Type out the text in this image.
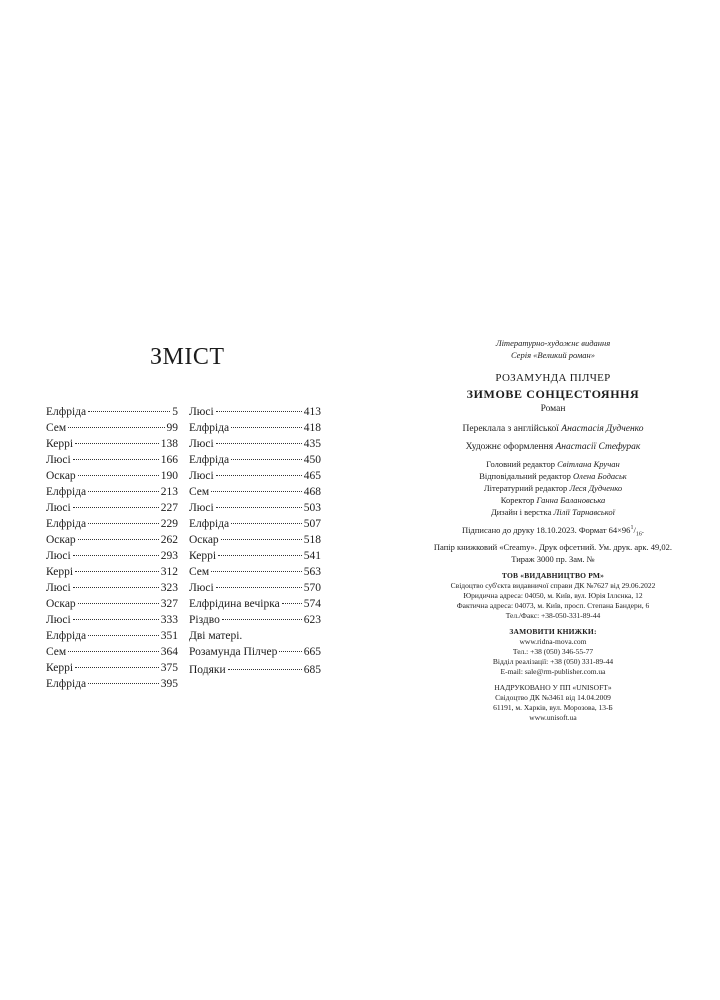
ЗМІСТ
Елфріда	5
Сем	99
Керрі	138
Люсі	166
Оскар	190
Елфріда	213
Люсі	227
Елфріда	229
Оскар	262
Люсі	293
Керрі	312
Люсі	323
Оскар	327
Люсі	333
Елфріда	351
Сем	364
Керрі	375
Елфріда	395
Люсі	413
Елфріда	418
Люсі	435
Елфріда	450
Люсі	465
Сем	468
Люсі	503
Елфріда	507
Оскар	518
Керрі	541
Сем	563
Люсі	570
Елфрідина вечірка 574
Різдво	623
Дві матері.
Розамунда Пілчер 665
Подяки	685
Літературно-художнє видання
Серія «Великий роман»
РОЗАМУНДА ПІЛЧЕР
ЗИМОВЕ СОНЦЕСТОЯННЯ
Роман
Переклала з англійської Анастасія Дудченко
Художнє оформлення Анастасії Стефурак
Головний редактор Світлана Кручан
Відповідальний редактор Олена Бодаськ
Літературний редактор Леся Дудченко
Коректор Ганна Балановська
Дизайн і верстка Лілії Тарнавської
Підписано до друку 18.10.2023. Формат $64\times 96^1/_{16}$.
Папір книжковий «Creamy». Друк офсетний. Ум. друк. арк. 49,02.
Тираж 3000 пр. Зам. №
ТОВ «ВИДАВНИЦТВО РМ»
Свідоцтво суб'єкта видавничої справи ДК №7627 від 29.06.2022
Юридична адреса: 04050, м. Київ, вул. Юрія Іллєнка, 12
Фактична адреса: 04073, м. Київ, просп. Степана Бандери, 6
Тел./Факс: +38-050-331-89-44
ЗАМОВИТИ КНИЖКИ:
www.ridna-mova.com
Тел.: +38 (050) 346-55-77
Відділ реалізації: +38 (050) 331-89-44
E-mail: sale@rm-publisher.com.ua
НАДРУКОВАНО У ПП «UNISOFT»
Свідоцтво ДК №3461 від 14.04.2009
61191, м. Харків, вул. Морозова, 13-Б
www.unisoft.ua
